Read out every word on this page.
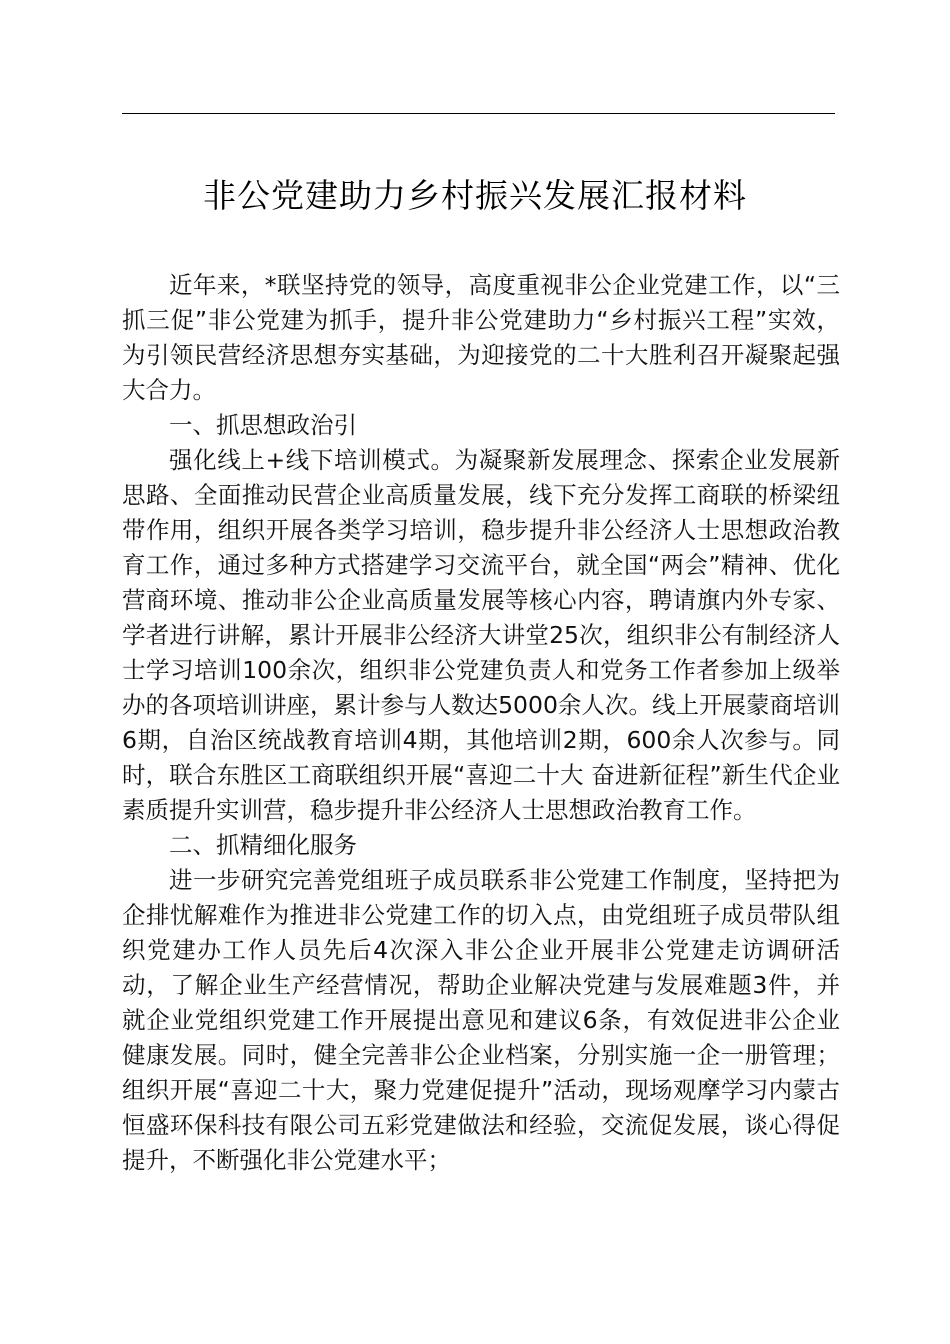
非公党建助力乡村振兴发展汇报材料

近年来，*联坚持党的领导，高度重视非公企业党建工作，以“三抓三促”非公党建为抓手，提升非公党建助力“乡村振兴工程”实效，为引领民营经济思想夯实基础，为迎接党的二十大胜利召开凝聚起强大合力。

一、抓思想政治引

强化线上+线下培训模式。为凝聚新发展理念、探索企业发展新思路、全面推动民营企业高质量发展，线下充分发挥工商联的桥梁纽带作用，组织开展各类学习培训，稳步提升非公经济人士思想政治教育工作，通过多种方式搭建学习交流平台，就全国“两会”精神、优化营商环境、推动非公企业高质量发展等核心内容，聘请旗内外专家、学者进行讲解，累计开展非公经济大讲堂25次，组织非公有制经济人士学习培训100余次，组织非公党建负责人和党务工作者参加上级举办的各项培训讲座，累计参与人数达5000余人次。线上开展蒙商培训6期，自治区统战教育培训4期，其他培训2期，600余人次参与。同时，联合东胜区工商联组织开展“喜迎二十大 奋进新征程”新生代企业素质提升实训营，稳步提升非公经济人士思想政治教育工作。

二、抓精细化服务

进一步研究完善党组班子成员联系非公党建工作制度，坚持把为企排忧解难作为推进非公党建工作的切入点，由党组班子成员带队组织党建办工作人员先后4次深入非公企业开展非公党建走访调研活动，了解企业生产经营情况，帮助企业解决党建与发展难题3件，并就企业党组织党建工作开展提出意见和建议6条，有效促进非公企业健康发展。同时，健全完善非公企业档案，分别实施一企一册管理；组织开展“喜迎二十大，聚力党建促提升”活动，现场观摩学习内蒙古恒盛环保科技有限公司五彩党建做法和经验，交流促发展，谈心得促提升，不断强化非公党建水平；
